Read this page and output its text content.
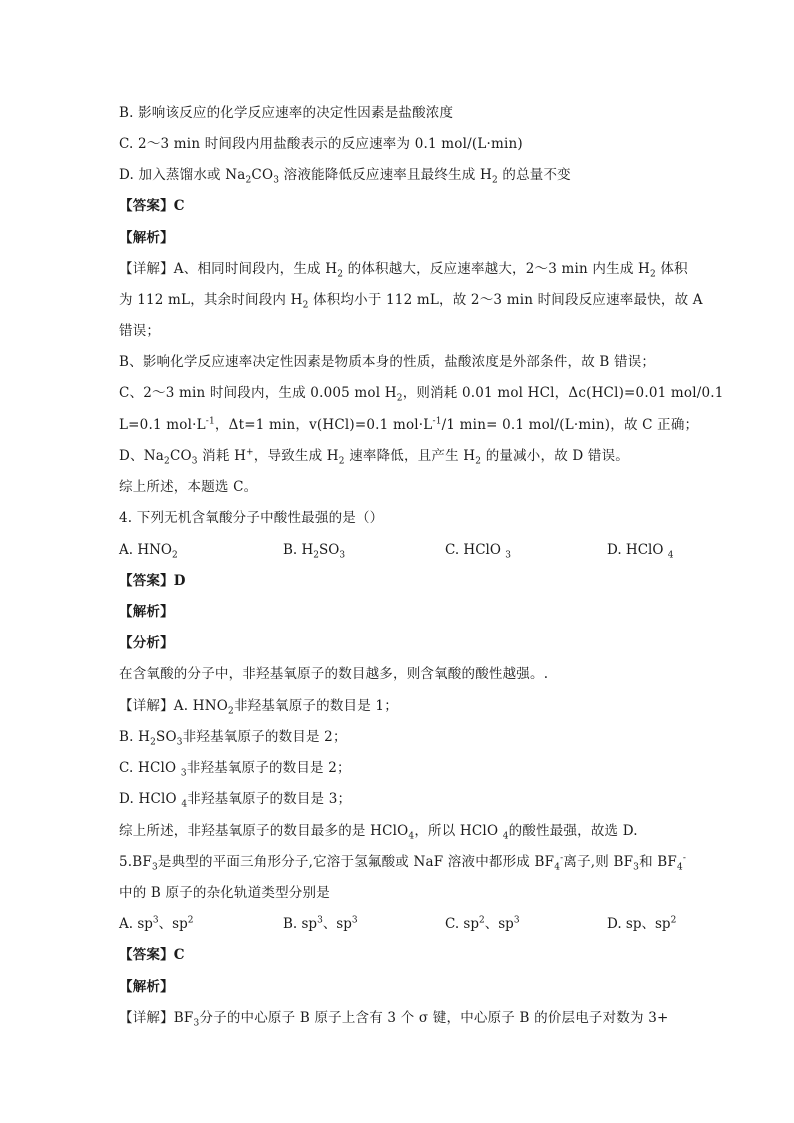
B. 影响该反应的化学反应速率的决定性因素是盐酸浓度
C. 2～3 min 时间段内用盐酸表示的反应速率为 0.1 mol/(L·min)
D. 加入蒸馏水或 $Na_2CO_3$ 溶液能降低反应速率且最终生成 $H_2$ 的总量不变
【答案】C
【解析】
【详解】A、相同时间段内，生成 $H_2$ 的体积越大，反应速率越大，2～3 min 内生成 $H_2$ 体积
为 112 mL，其余时间段内 $H_2$ 体积均小于 112 mL，故 2～3 min 时间段反应速率最快，故 A
错误；
B、影响化学反应速率决定性因素是物质本身的性质，盐酸浓度是外部条件，故 B 错误；
C、2～3 min 时间段内，生成 0.005 mol $H_2$，则消耗 0.01 mol HCl，Δc(HCl)=0.01 mol/0.1
L=0.1 $mol\cdot L^{-1}$，Δt=1 min，v(HCl)=0.1 $mol\cdot L^{-1}/1$ min= 0.1 mol/(L·min)，故 C 正确；
D、$Na_2CO_3$ 消耗 H+，导致生成 $H_2$ 速率降低，且产生 $H_2$ 的量减小，故 D 错误。
综上所述，本题选 C。
4. 下列无机含氧酸分子中酸性最强的是（）
A. $HNO_2$	B. $H_2SO_3$	C. HClO $_3$	D. HClO $_4$
【答案】D
【解析】
【分析】
在含氧酸的分子中，非羟基氧原子的数目越多，则含氧酸的酸性越强。.
【详解】A. $HNO_2$非羟基氧原子的数目是 1；
B. $H_2SO_3$非羟基氧原子的数目是 2；
C. HClO $_3$非羟基氧原子的数目是 2；
D. HClO $_4$非羟基氧原子的数目是 3；
综上所述，非羟基氧原子的数目最多的是 HClO$_4$，所以 HClO $_4$的酸性最强，故选 D.
$5.BF_3$是典型的平面三角形分子,它溶于氢氟酸或 NaF 溶液中都形成 $BF_4^-$离子,则 $BF_3$和 $BF_4^-$
中的 B 原子的杂化轨道类型分别是
A. $sp^3$、$sp^2$	B. $sp^3$、$sp^3$	C. $sp^2$、$sp^3$	D. sp、$sp^2$
【答案】C
【解析】
【详解】$BF_3$分子的中心原子 B 原子上含有 3 个 σ 键，中心原子 B 的价层电子对数为 3+
